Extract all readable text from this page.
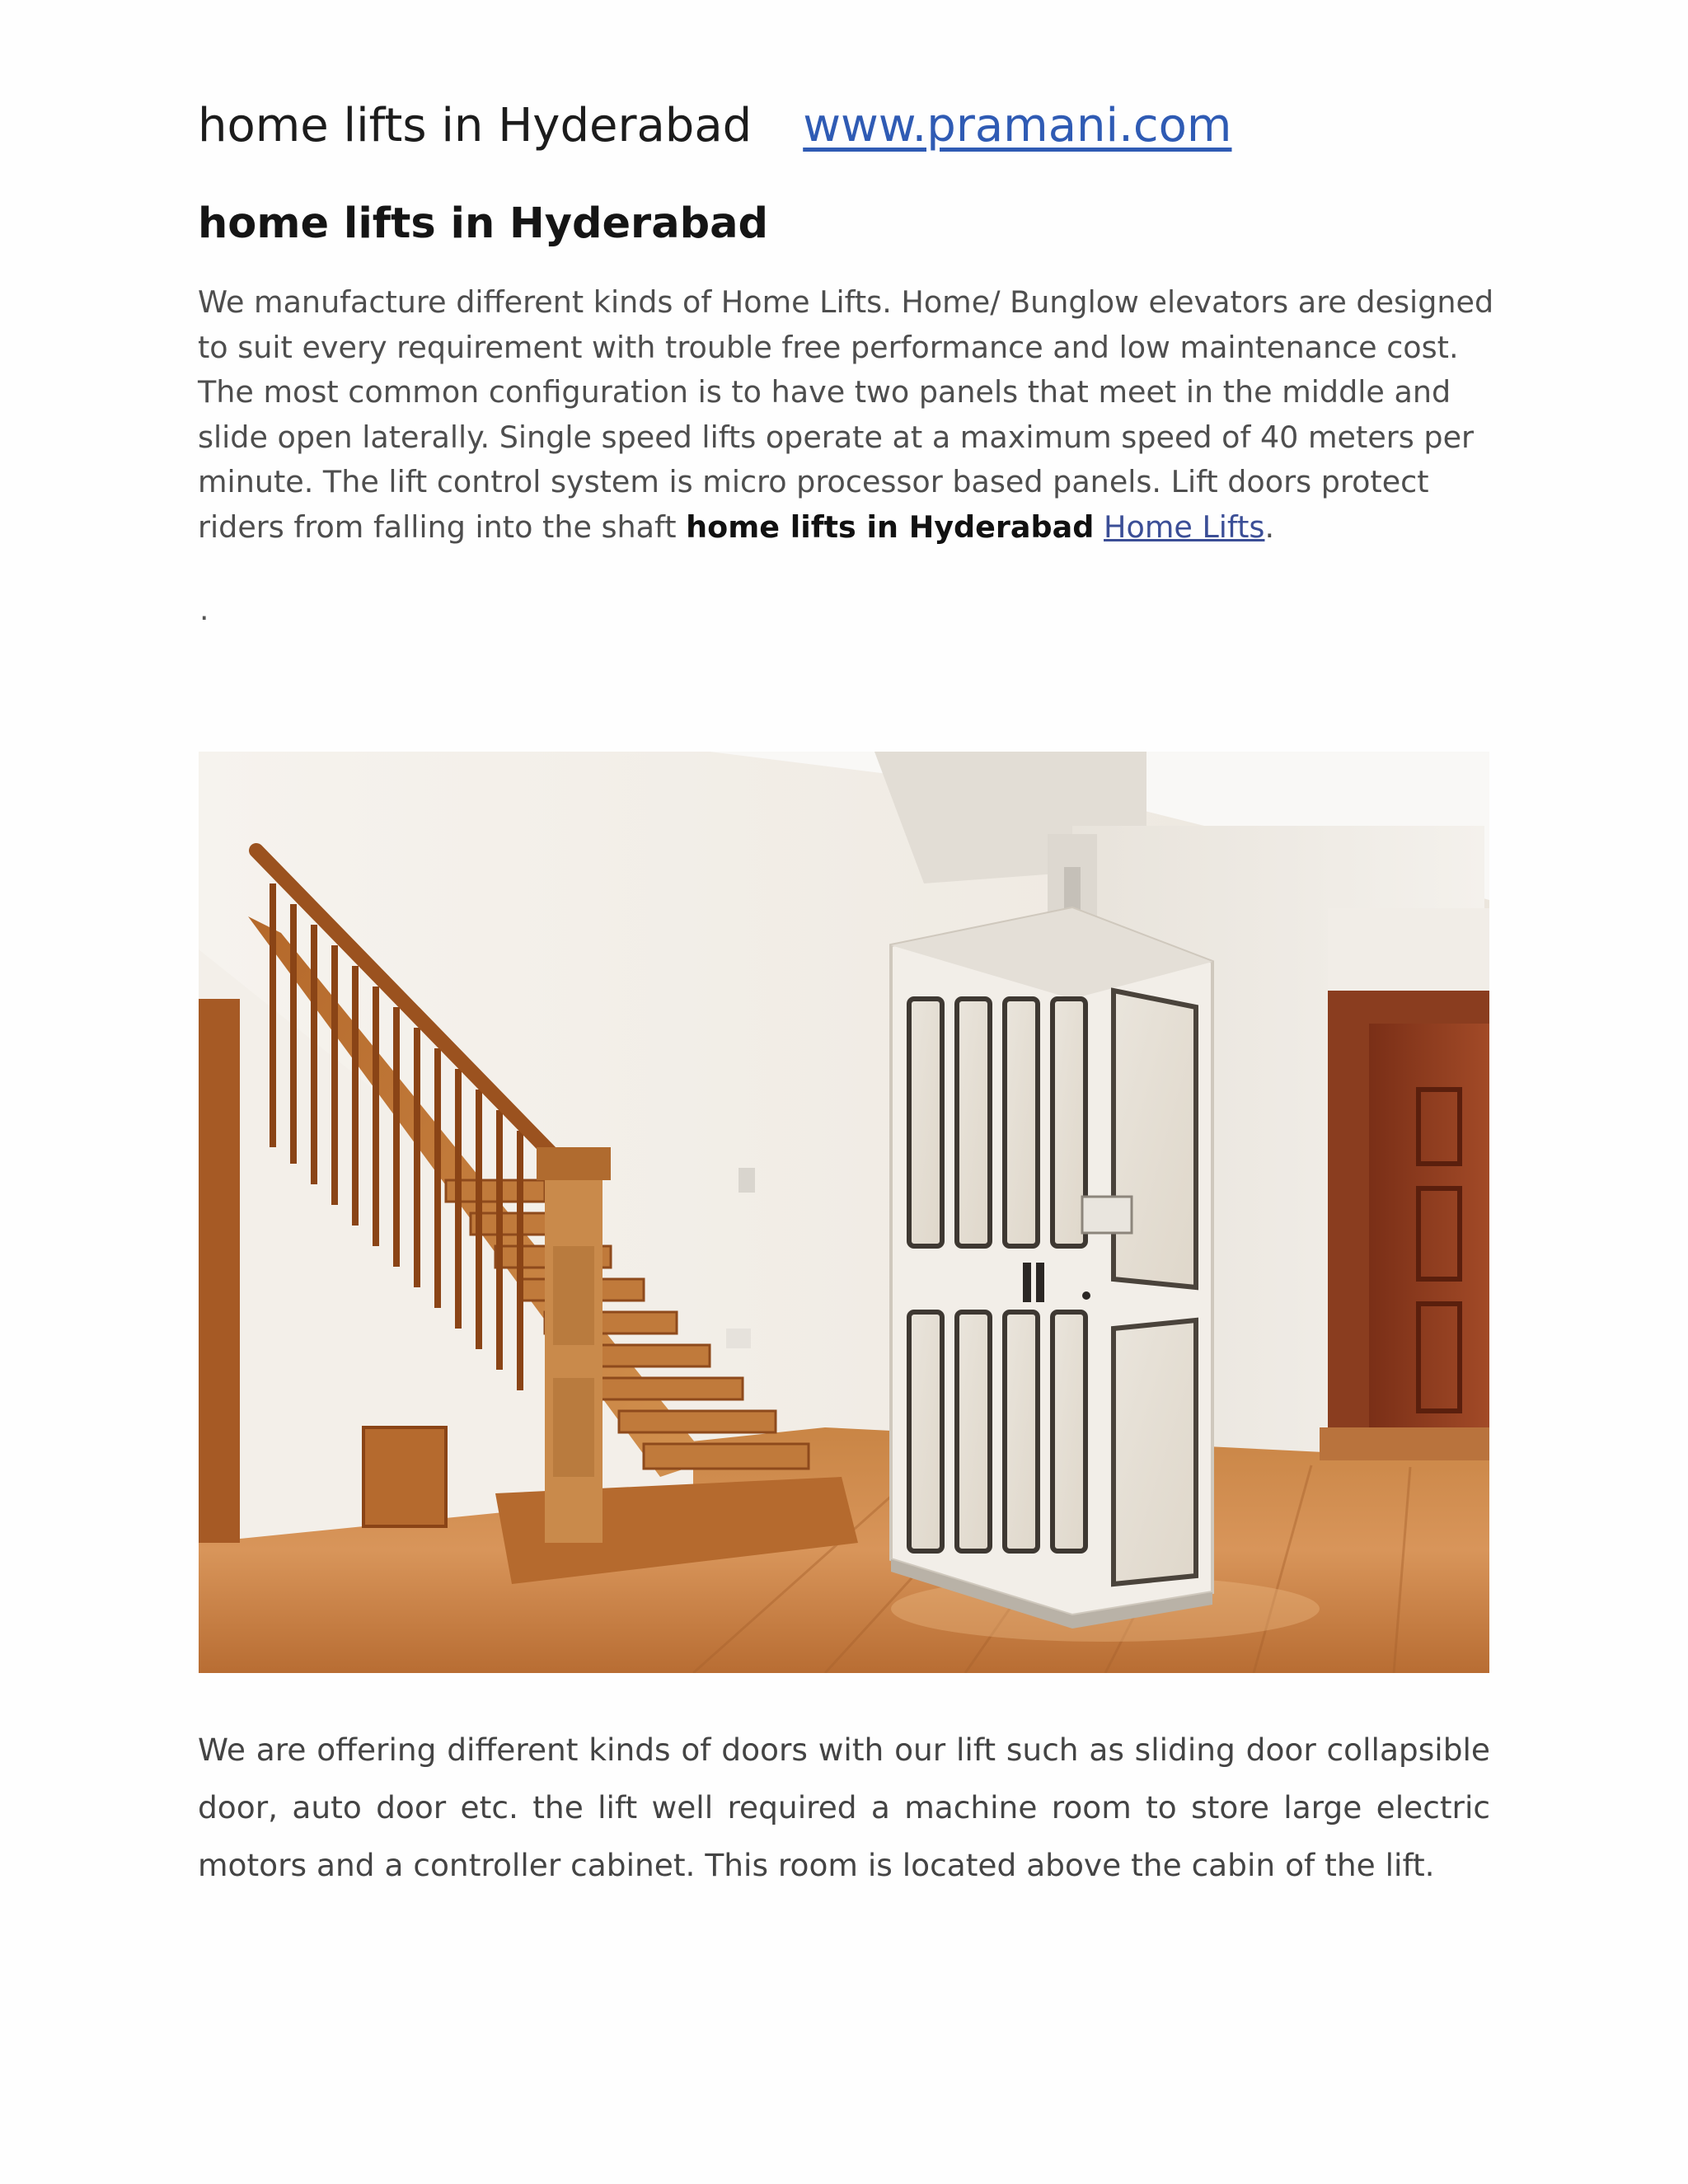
home lifts in Hyderabad www.pramani.com
home lifts in Hyderabad

We manufacture different kinds of Home Lifts. Home/ Bunglow elevators are designed to suit every requirement with trouble free performance and low maintenance cost. The most common configuration is to have two panels that meet in the middle and slide open laterally. Single speed lifts operate at a maximum speed of 40 meters per minute. The lift control system is micro processor based panels. Lift doors protect riders from falling into the shaft home lifts in Hyderabad Home Lifts.

.

We are offering different kinds of doors with our lift such as sliding door collapsible door, auto door etc. the lift well required a machine room to store large electric motors and a controller cabinet. This room is located above the cabin of the lift.
